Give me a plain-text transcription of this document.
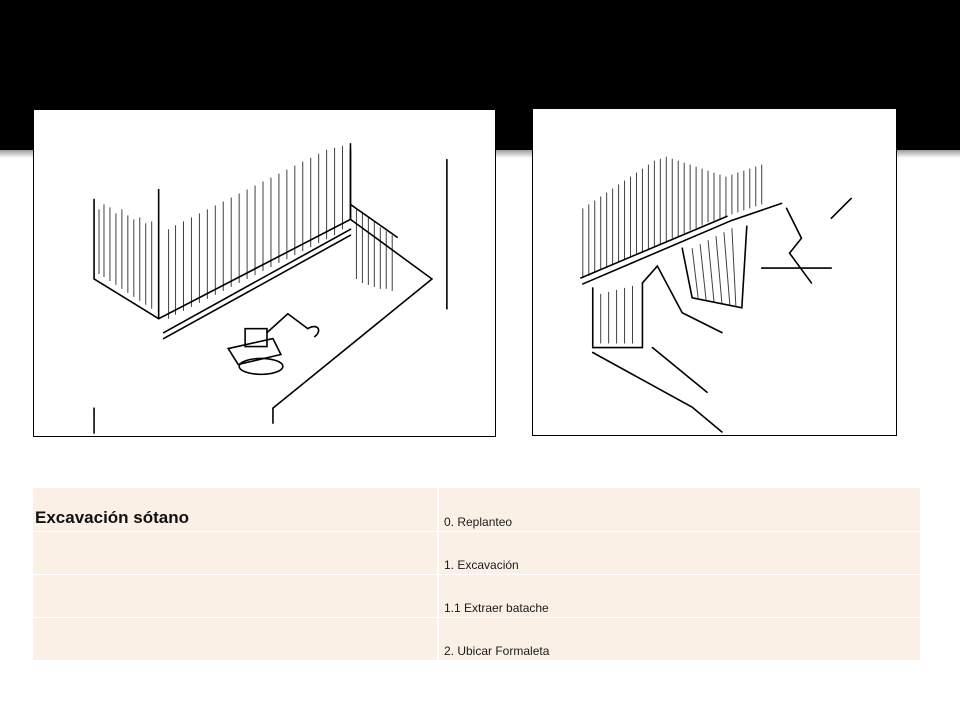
Excavación sótano	0. Replanteo

	1. Excavación

	1.1 Extraer batache

	2. Ubicar Formaleta
